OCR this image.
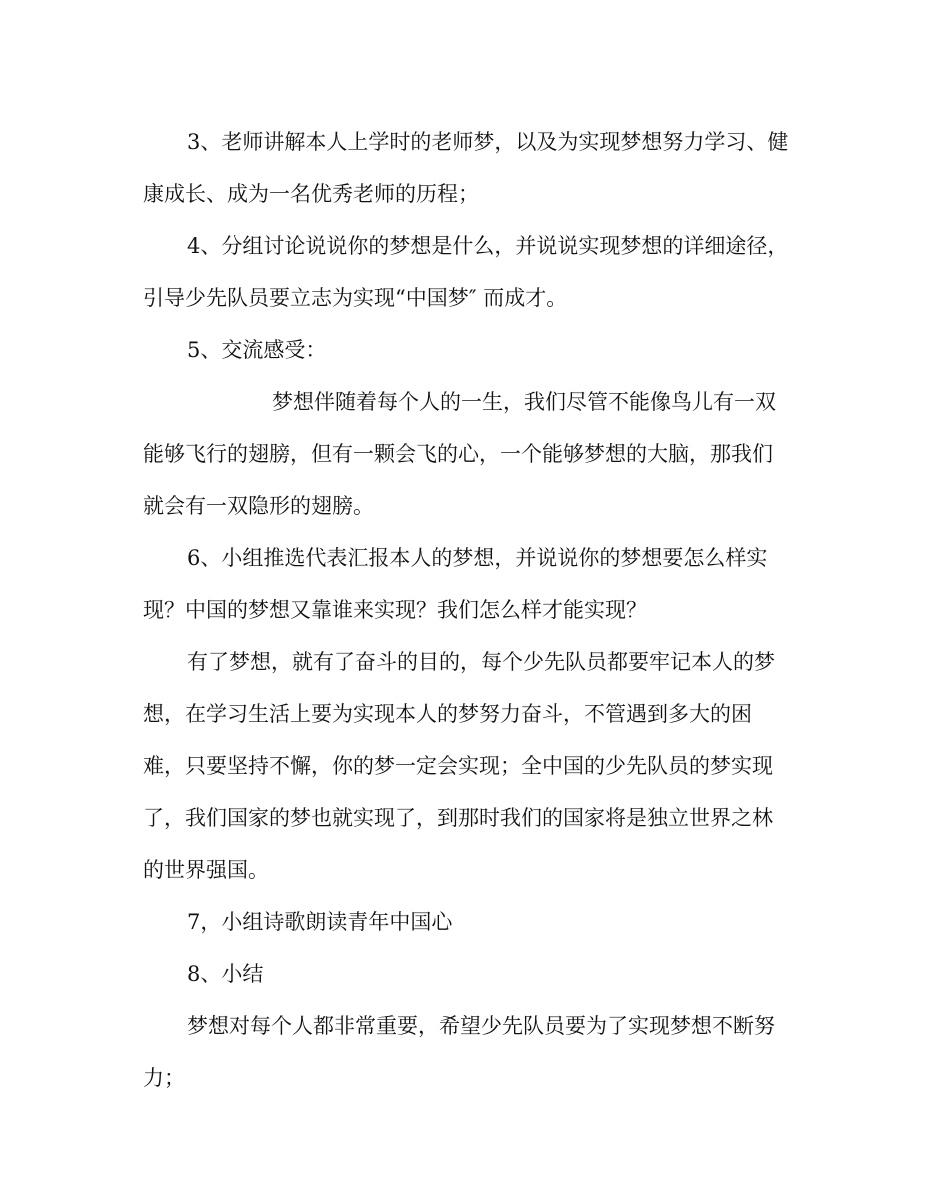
3、老师讲解本人上学时的老师梦，以及为实现梦想努力学习、健
康成长、成为一名优秀老师的历程；
4、分组讨论说说你的梦想是什么，并说说实现梦想的详细途径，
引导少先队员要立志为实现“中国梦″ 而成才。
5、交流感受：
梦想伴随着每个人的一生，我们尽管不能像鸟儿有一双
能够飞行的翅膀，但有一颗会飞的心，一个能够梦想的大脑，那我们
就会有一双隐形的翅膀。
6、小组推选代表汇报本人的梦想，并说说你的梦想要怎么样实
现？中国的梦想又靠谁来实现？我们怎么样才能实现？
有了梦想，就有了奋斗的目的，每个少先队员都要牢记本人的梦
想，在学习生活上要为实现本人的梦努力奋斗，不管遇到多大的困
难，只要坚持不懈，你的梦一定会实现；全中国的少先队员的梦实现
了，我们国家的梦也就实现了，到那时我们的国家将是独立世界之林
的世界强国。
7，小组诗歌朗读青年中国心
8、小结
梦想对每个人都非常重要，希望少先队员要为了实现梦想不断努
力；
